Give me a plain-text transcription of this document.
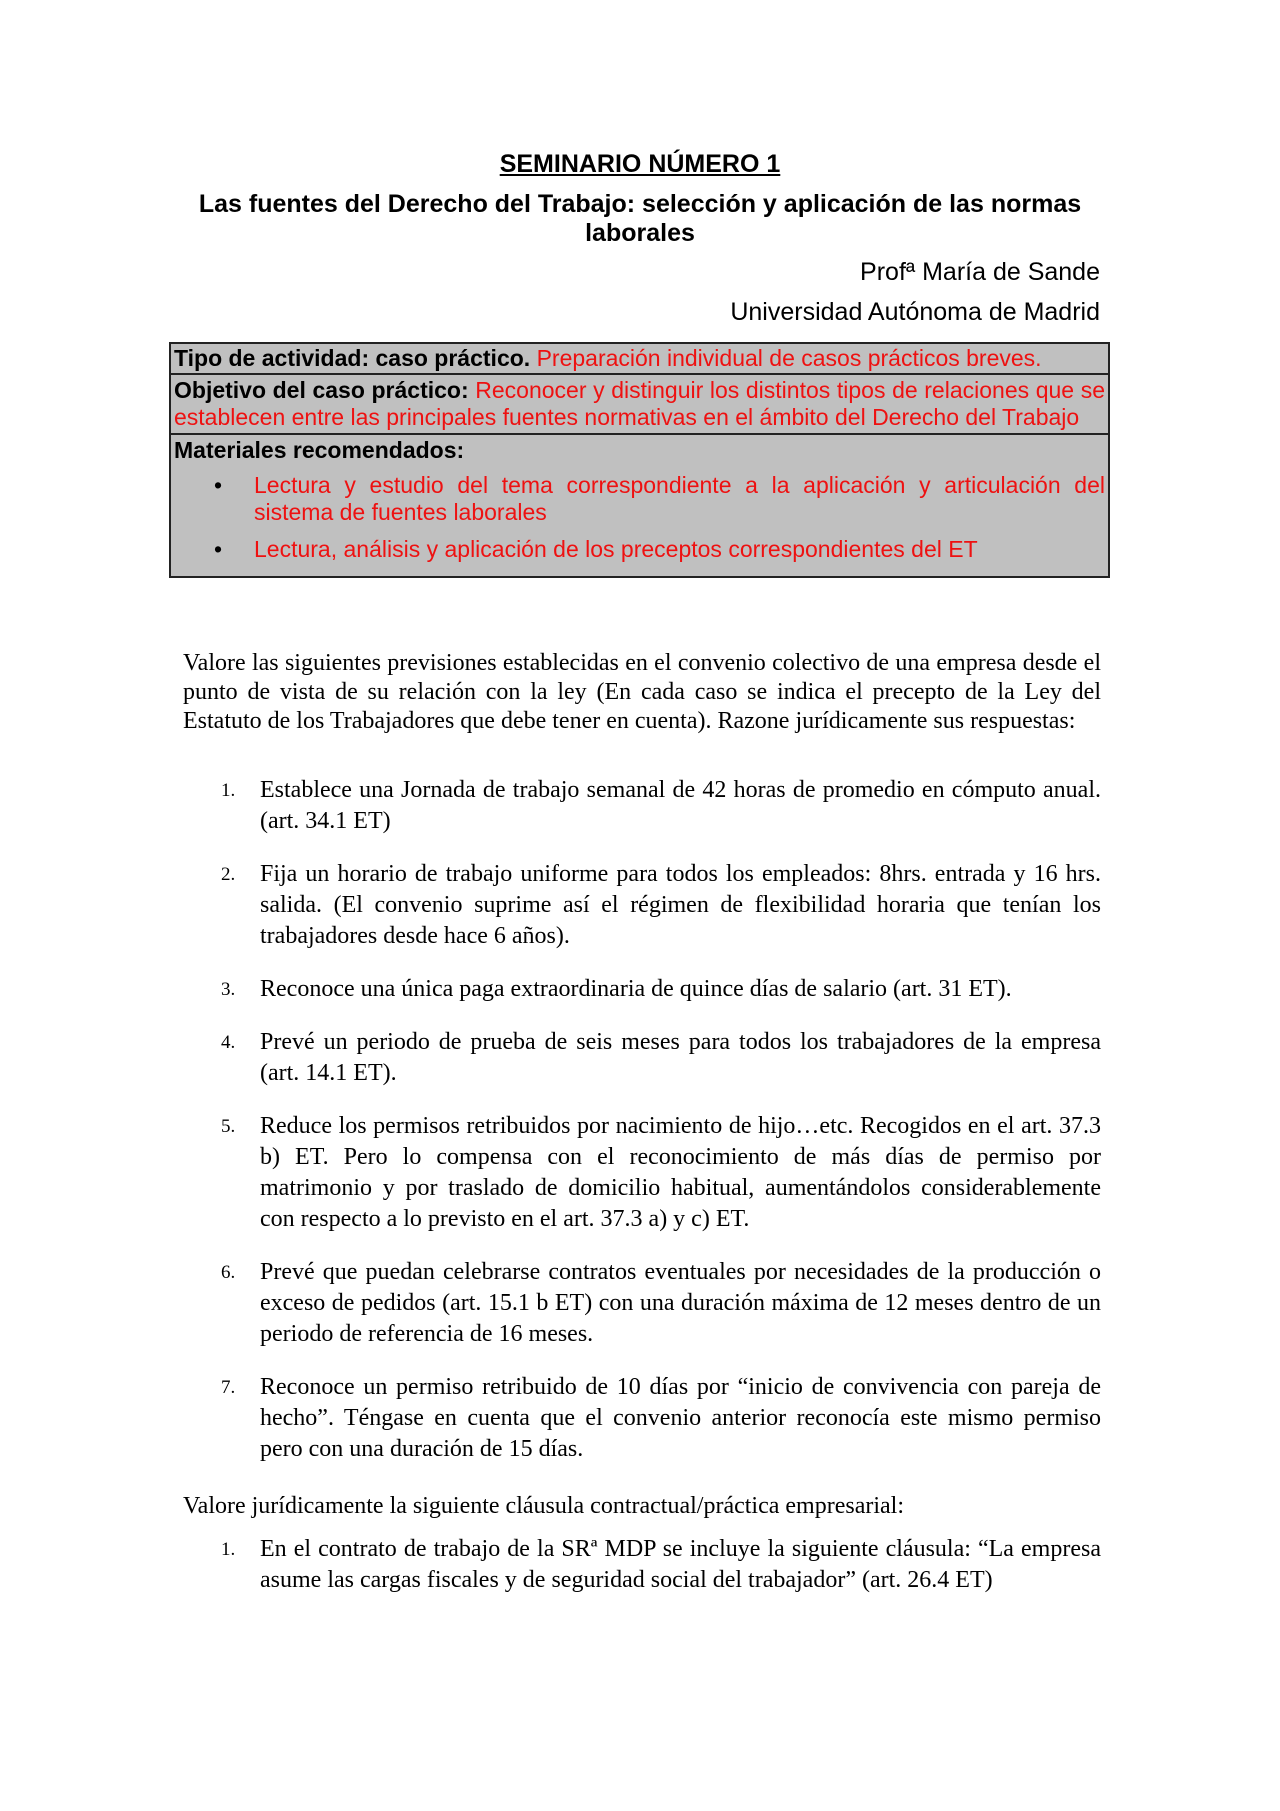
SEMINARIO NÚMERO 1
Las fuentes del Derecho del Trabajo: selección y aplicación de las normas laborales
Profª María de Sande
Universidad Autónoma de Madrid
Tipo de actividad: caso práctico. Preparación individual de casos prácticos breves.
Objetivo del caso práctico: Reconocer y distinguir los distintos tipos de relaciones que se establecen entre las principales fuentes normativas en el ámbito del Derecho del Trabajo
Materiales recomendados:
• Lectura y estudio del tema correspondiente a la aplicación y articulación del sistema de fuentes laborales
• Lectura, análisis y aplicación de los preceptos correspondientes del ET
Valore las siguientes previsiones establecidas en el convenio colectivo de una empresa desde el punto de vista de su relación con la ley (En cada caso se indica el precepto de la Ley del Estatuto de los Trabajadores que debe tener en cuenta). Razone jurídicamente sus respuestas:
1. Establece una Jornada de trabajo semanal de 42 horas de promedio en cómputo anual. (art. 34.1 ET)
2. Fija un horario de trabajo uniforme para todos los empleados: 8hrs. entrada y 16 hrs. salida. (El convenio suprime así el régimen de flexibilidad horaria que tenían los trabajadores desde hace 6 años).
3. Reconoce una única paga extraordinaria de quince días de salario (art. 31 ET).
4. Prevé un periodo de prueba de seis meses para todos los trabajadores de la empresa (art. 14.1 ET).
5. Reduce los permisos retribuidos por nacimiento de hijo…etc. Recogidos en el art. 37.3 b) ET. Pero lo compensa con el reconocimiento de más días de permiso por matrimonio y por traslado de domicilio habitual, aumentándolos considerablemente con respecto a lo previsto en el art. 37.3 a) y c) ET.
6. Prevé que puedan celebrarse contratos eventuales por necesidades de la producción o exceso de pedidos (art. 15.1 b ET) con una duración máxima de 12 meses dentro de un periodo de referencia de 16 meses.
7. Reconoce un permiso retribuido de 10 días por “inicio de convivencia con pareja de hecho”. Téngase en cuenta que el convenio anterior reconocía este mismo permiso pero con una duración de 15 días.
Valore jurídicamente la siguiente cláusula contractual/práctica empresarial:
1. En el contrato de trabajo de la SRª MDP se incluye la siguiente cláusula: “La empresa asume las cargas fiscales y de seguridad social del trabajador” (art. 26.4 ET)
